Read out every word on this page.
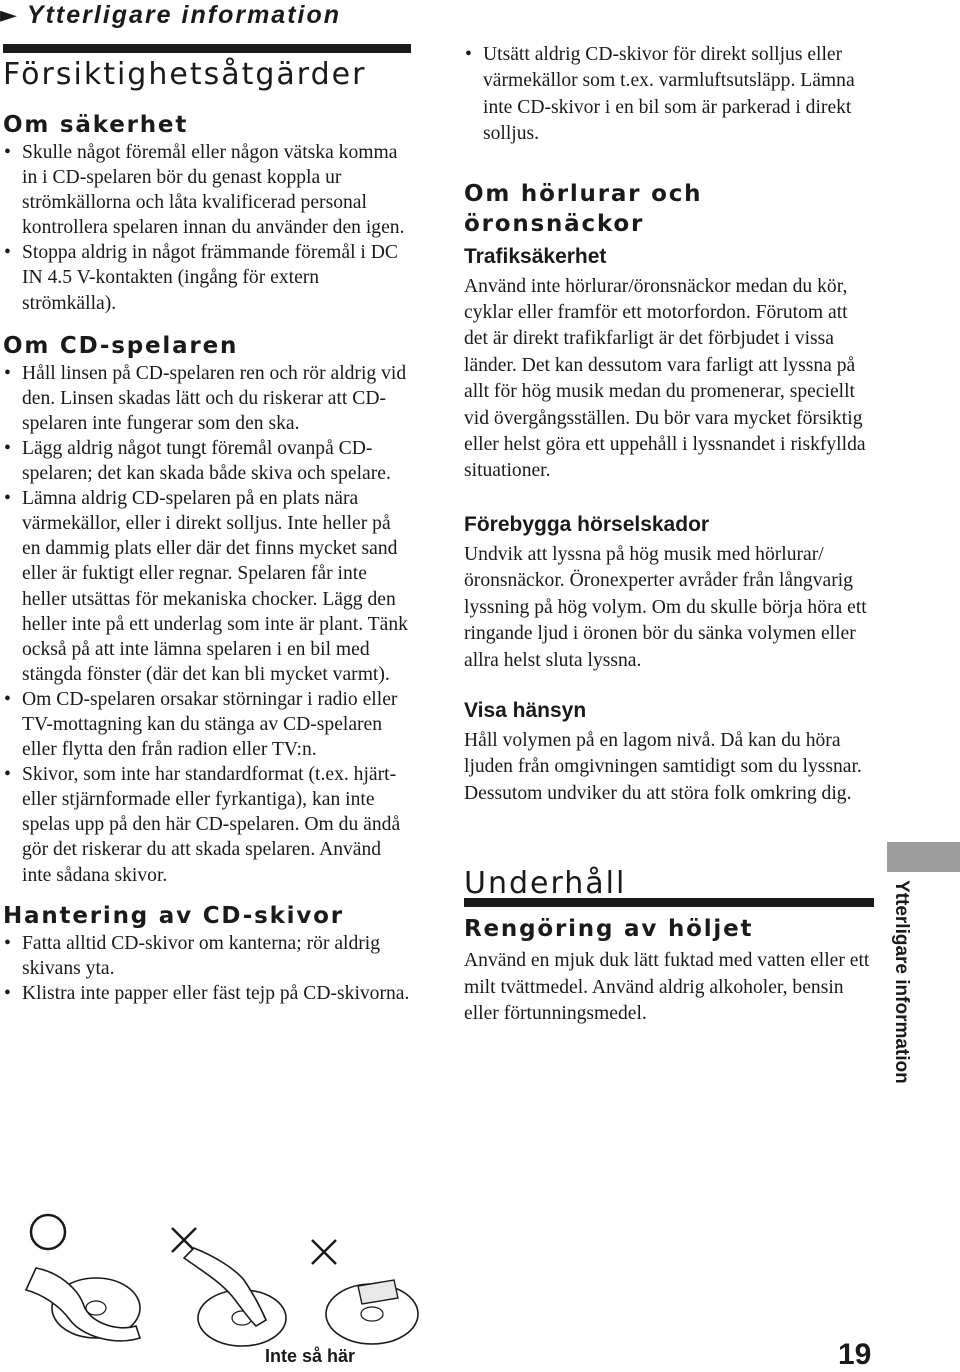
► Ytterligare information
Försiktighetsåtgärder
Om säkerhet
• Skulle något föremål eller någon vätska komma in i CD-spelaren bör du genast koppla ur strömkällorna och låta kvalificerad personal kontrollera spelaren innan du använder den igen.
• Stoppa aldrig in något främmande föremål i DC IN 4.5 V-kontakten (ingång för extern strömkälla).
Om CD-spelaren
• Håll linsen på CD-spelaren ren och rör aldrig vid den. Linsen skadas lätt och du riskerar att CD-spelaren inte fungerar som den ska.
• Lägg aldrig något tungt föremål ovanpå CD-spelaren; det kan skada både skiva och spelare.
• Lämna aldrig CD-spelaren på en plats nära värmekällor, eller i direkt solljus. Inte heller på en dammig plats eller där det finns mycket sand eller är fuktigt eller regnar. Spelaren får inte heller utsättas för mekaniska chocker. Lägg den heller inte på ett underlag som inte är plant. Tänk också på att inte lämna spelaren i en bil med stängda fönster (där det kan bli mycket varmt).
• Om CD-spelaren orsakar störningar i radio eller TV-mottagning kan du stänga av CD-spelaren eller flytta den från radion eller TV:n.
• Skivor, som inte har standardformat (t.ex. hjärt- eller stjärnformade eller fyrkantiga), kan inte spelas upp på den här CD-spelaren. Om du ändå gör det riskerar du att skada spelaren. Använd inte sådana skivor.
Hantering av CD-skivor
• Fatta alltid CD-skivor om kanterna; rör aldrig skivans yta.
• Klistra inte papper eller fäst tejp på CD-skivorna.
Inte så här
• Utsätt aldrig CD-skivor för direkt solljus eller värmekällor som t.ex. varmluftsutsläpp. Lämna inte CD-skivor i en bil som är parkerad i direkt solljus.
Om hörlurar och öronsnäckor
Trafiksäkerhet

Använd inte hörlurar/öronsnäckor medan du kör, cyklar eller framför ett motorfordon. Förutom att det är direkt trafikfarligt är det förbjudet i vissa länder. Det kan dessutom vara farligt att lyssna på allt för hög musik medan du promenerar, speciellt vid övergångsställen. Du bör vara mycket försiktig eller helst göra ett uppehåll i lyssnandet i riskfyllda situationer.

Förebygga hörselskador

Undvik att lyssna på hög musik med hörlurar/öronsnäckor. Öronexperter avråder från långvarig lyssning på hög volym. Om du skulle börja höra ett ringande ljud i öronen bör du sänka volymen eller allra helst sluta lyssna.

Visa hänsyn

Håll volymen på en lagom nivå. Då kan du höra ljuden från omgivningen samtidigt som du lyssnar. Dessutom undviker du att störa folk omkring dig.

Underhåll
Rengöring av höljet

Använd en mjuk duk lätt fuktad med vatten eller ett milt tvättmedel. Använd aldrig alkoholer, bensin eller förtunningsmedel.	Ytterligare information
19
